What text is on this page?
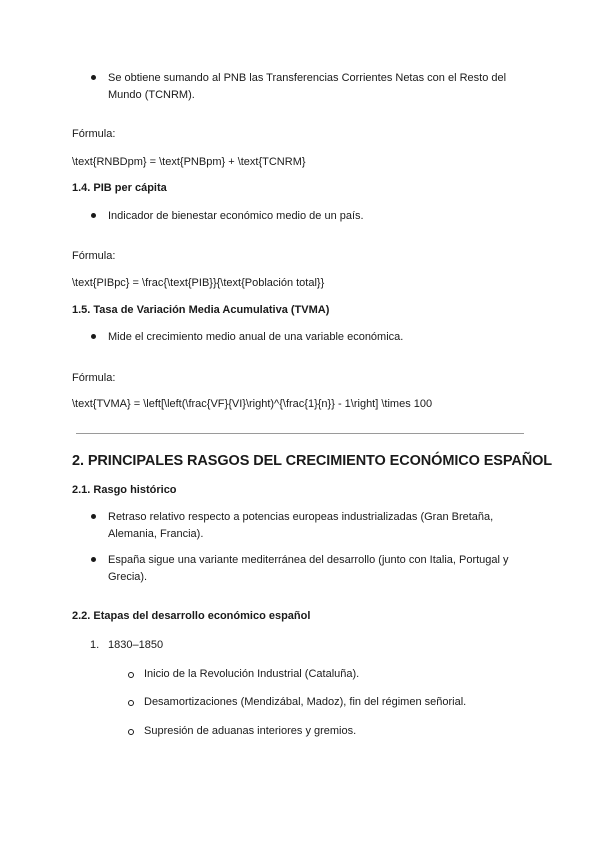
Se obtiene sumando al PNB las Transferencias Corrientes Netas con el Resto del Mundo (TCNRM).
Fórmula:
\text{RNBDpm} = \text{PNBpm} + \text{TCNRM}
1.4. PIB per cápita
Indicador de bienestar económico medio de un país.
Fórmula:
\text{PIBpc} = \frac{\text{PIB}}{\text{Población total}}
1.5. Tasa de Variación Media Acumulativa (TVMA)
Mide el crecimiento medio anual de una variable económica.
Fórmula:
\text{TVMA} = \left[\left(\frac{VF}{VI}\right)^{\frac{1}{n}} - 1\right] \times 100
2. PRINCIPALES RASGOS DEL CRECIMIENTO ECONÓMICO ESPAÑOL
2.1. Rasgo histórico
Retraso relativo respecto a potencias europeas industrializadas (Gran Bretaña, Alemania, Francia).
España sigue una variante mediterránea del desarrollo (junto con Italia, Portugal y Grecia).
2.2. Etapas del desarrollo económico español
1. 1830–1850
Inicio de la Revolución Industrial (Cataluña).
Desamortizaciones (Mendizábal, Madoz), fin del régimen señorial.
Supresión de aduanas interiores y gremios.
